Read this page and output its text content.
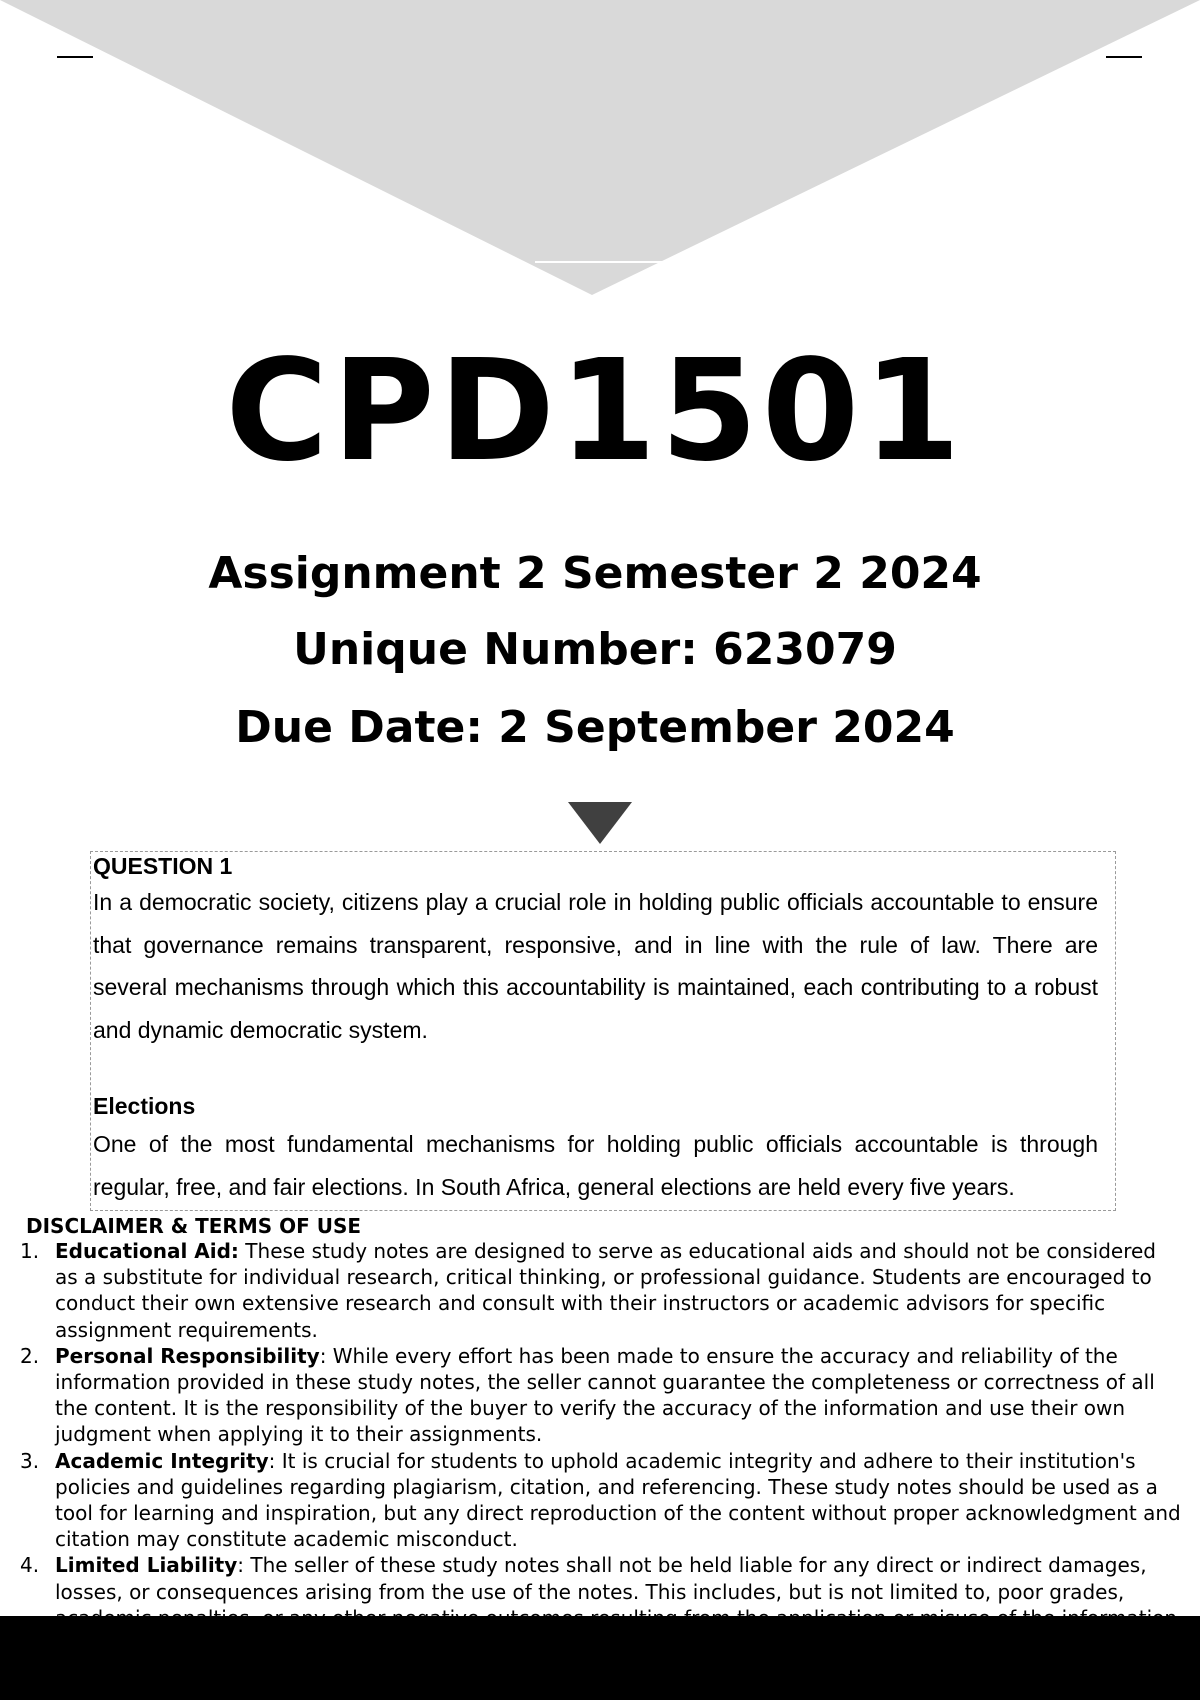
CPD1501
Assignment 2 Semester 2 2024
Unique Number: 623079
Due Date: 2 September 2024
QUESTION 1

In a democratic society, citizens play a crucial role in holding public officials accountable to ensure that governance remains transparent, responsive, and in line with the rule of law. There are several mechanisms through which this accountability is maintained, each contributing to a robust and dynamic democratic system.

Elections

One of the most fundamental mechanisms for holding public officials accountable is through regular, free, and fair elections. In South Africa, general elections are held every five years.

DISCLAIMER & TERMS OF USE
1. Educational Aid: These study notes are designed to serve as educational aids and should not be considered as a substitute for individual research, critical thinking, or professional guidance. Students are encouraged to conduct their own extensive research and consult with their instructors or academic advisors for specific assignment requirements.
2. Personal Responsibility: While every effort has been made to ensure the accuracy and reliability of the information provided in these study notes, the seller cannot guarantee the completeness or correctness of all the content. It is the responsibility of the buyer to verify the accuracy of the information and use their own judgment when applying it to their assignments.
3. Academic Integrity: It is crucial for students to uphold academic integrity and adhere to their institution's policies and guidelines regarding plagiarism, citation, and referencing. These study notes should be used as a tool for learning and inspiration, but any direct reproduction of the content without proper acknowledgment and citation may constitute academic misconduct.
4. Limited Liability: The seller of these study notes shall not be held liable for any direct or indirect damages, losses, or consequences arising from the use of the notes. This includes, but is not limited to, poor grades,
